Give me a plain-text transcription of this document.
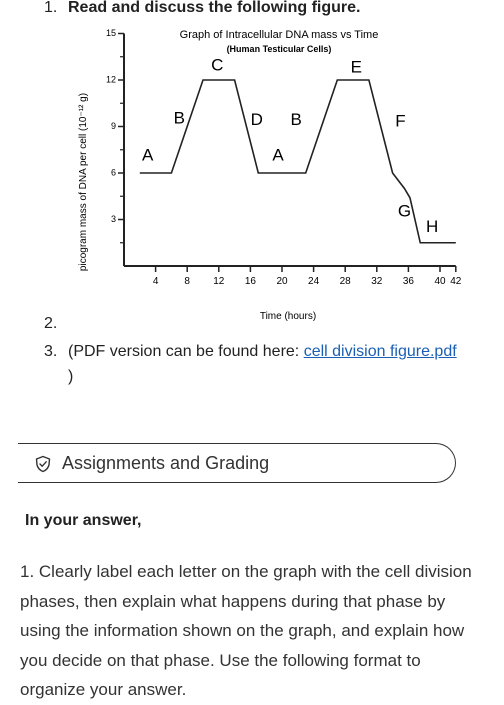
1. Read and discuss the following figure.
Graph of Intracellular DNA mass vs Time
(Human Testicular Cells)
picogram mass of DNA per cell (10⁻¹² g)
Time (hours)
3
6
9
12
15
4	8 12 16 20 24 28 32 36 40 42
A
B
C
D B
A
E
F
G
H
2.
3. (PDF version can be found here: cell division figure.pdf
)
Assignments and Grading
In your answer,
1. Clearly label each letter on the graph with the cell division phases, then explain what happens during that phase by using the information shown on the graph, and explain how you decide on that phase. Use the following format to organize your answer.
